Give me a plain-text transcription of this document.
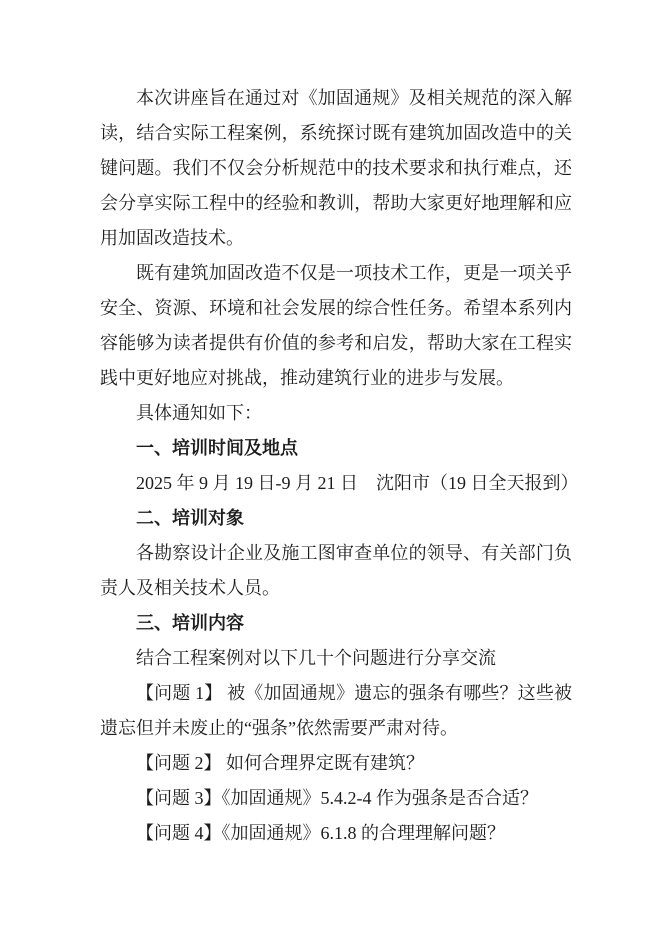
本次讲座旨在通过对《加固通规》及相关规范的深入解读，结合实际工程案例，系统探讨既有建筑加固改造中的关键问题。我们不仅会分析规范中的技术要求和执行难点，还会分享实际工程中的经验和教训，帮助大家更好地理解和应用加固改造技术。

既有建筑加固改造不仅是一项技术工作，更是一项关乎安全、资源、环境和社会发展的综合性任务。希望本系列内容能够为读者提供有价值的参考和启发，帮助大家在工程实践中更好地应对挑战，推动建筑行业的进步与发展。

具体通知如下：

一、培训时间及地点

2025 年 9 月 19 日-9 月 21 日　沈阳市（19 日全天报到）

二、培训对象

各勘察设计企业及施工图审查单位的领导、有关部门负责人及相关技术人员。

三、培训内容

结合工程案例对以下几十个问题进行分享交流

【问题 1】 被《加固通规》遗忘的强条有哪些？这些被遗忘但并未废止的“强条”依然需要严肃对待。

【问题 2】 如何合理界定既有建筑？

【问题 3】《加固通规》5.4.2-4 作为强条是否合适？

【问题 4】《加固通规》6.1.8 的合理理解问题？
